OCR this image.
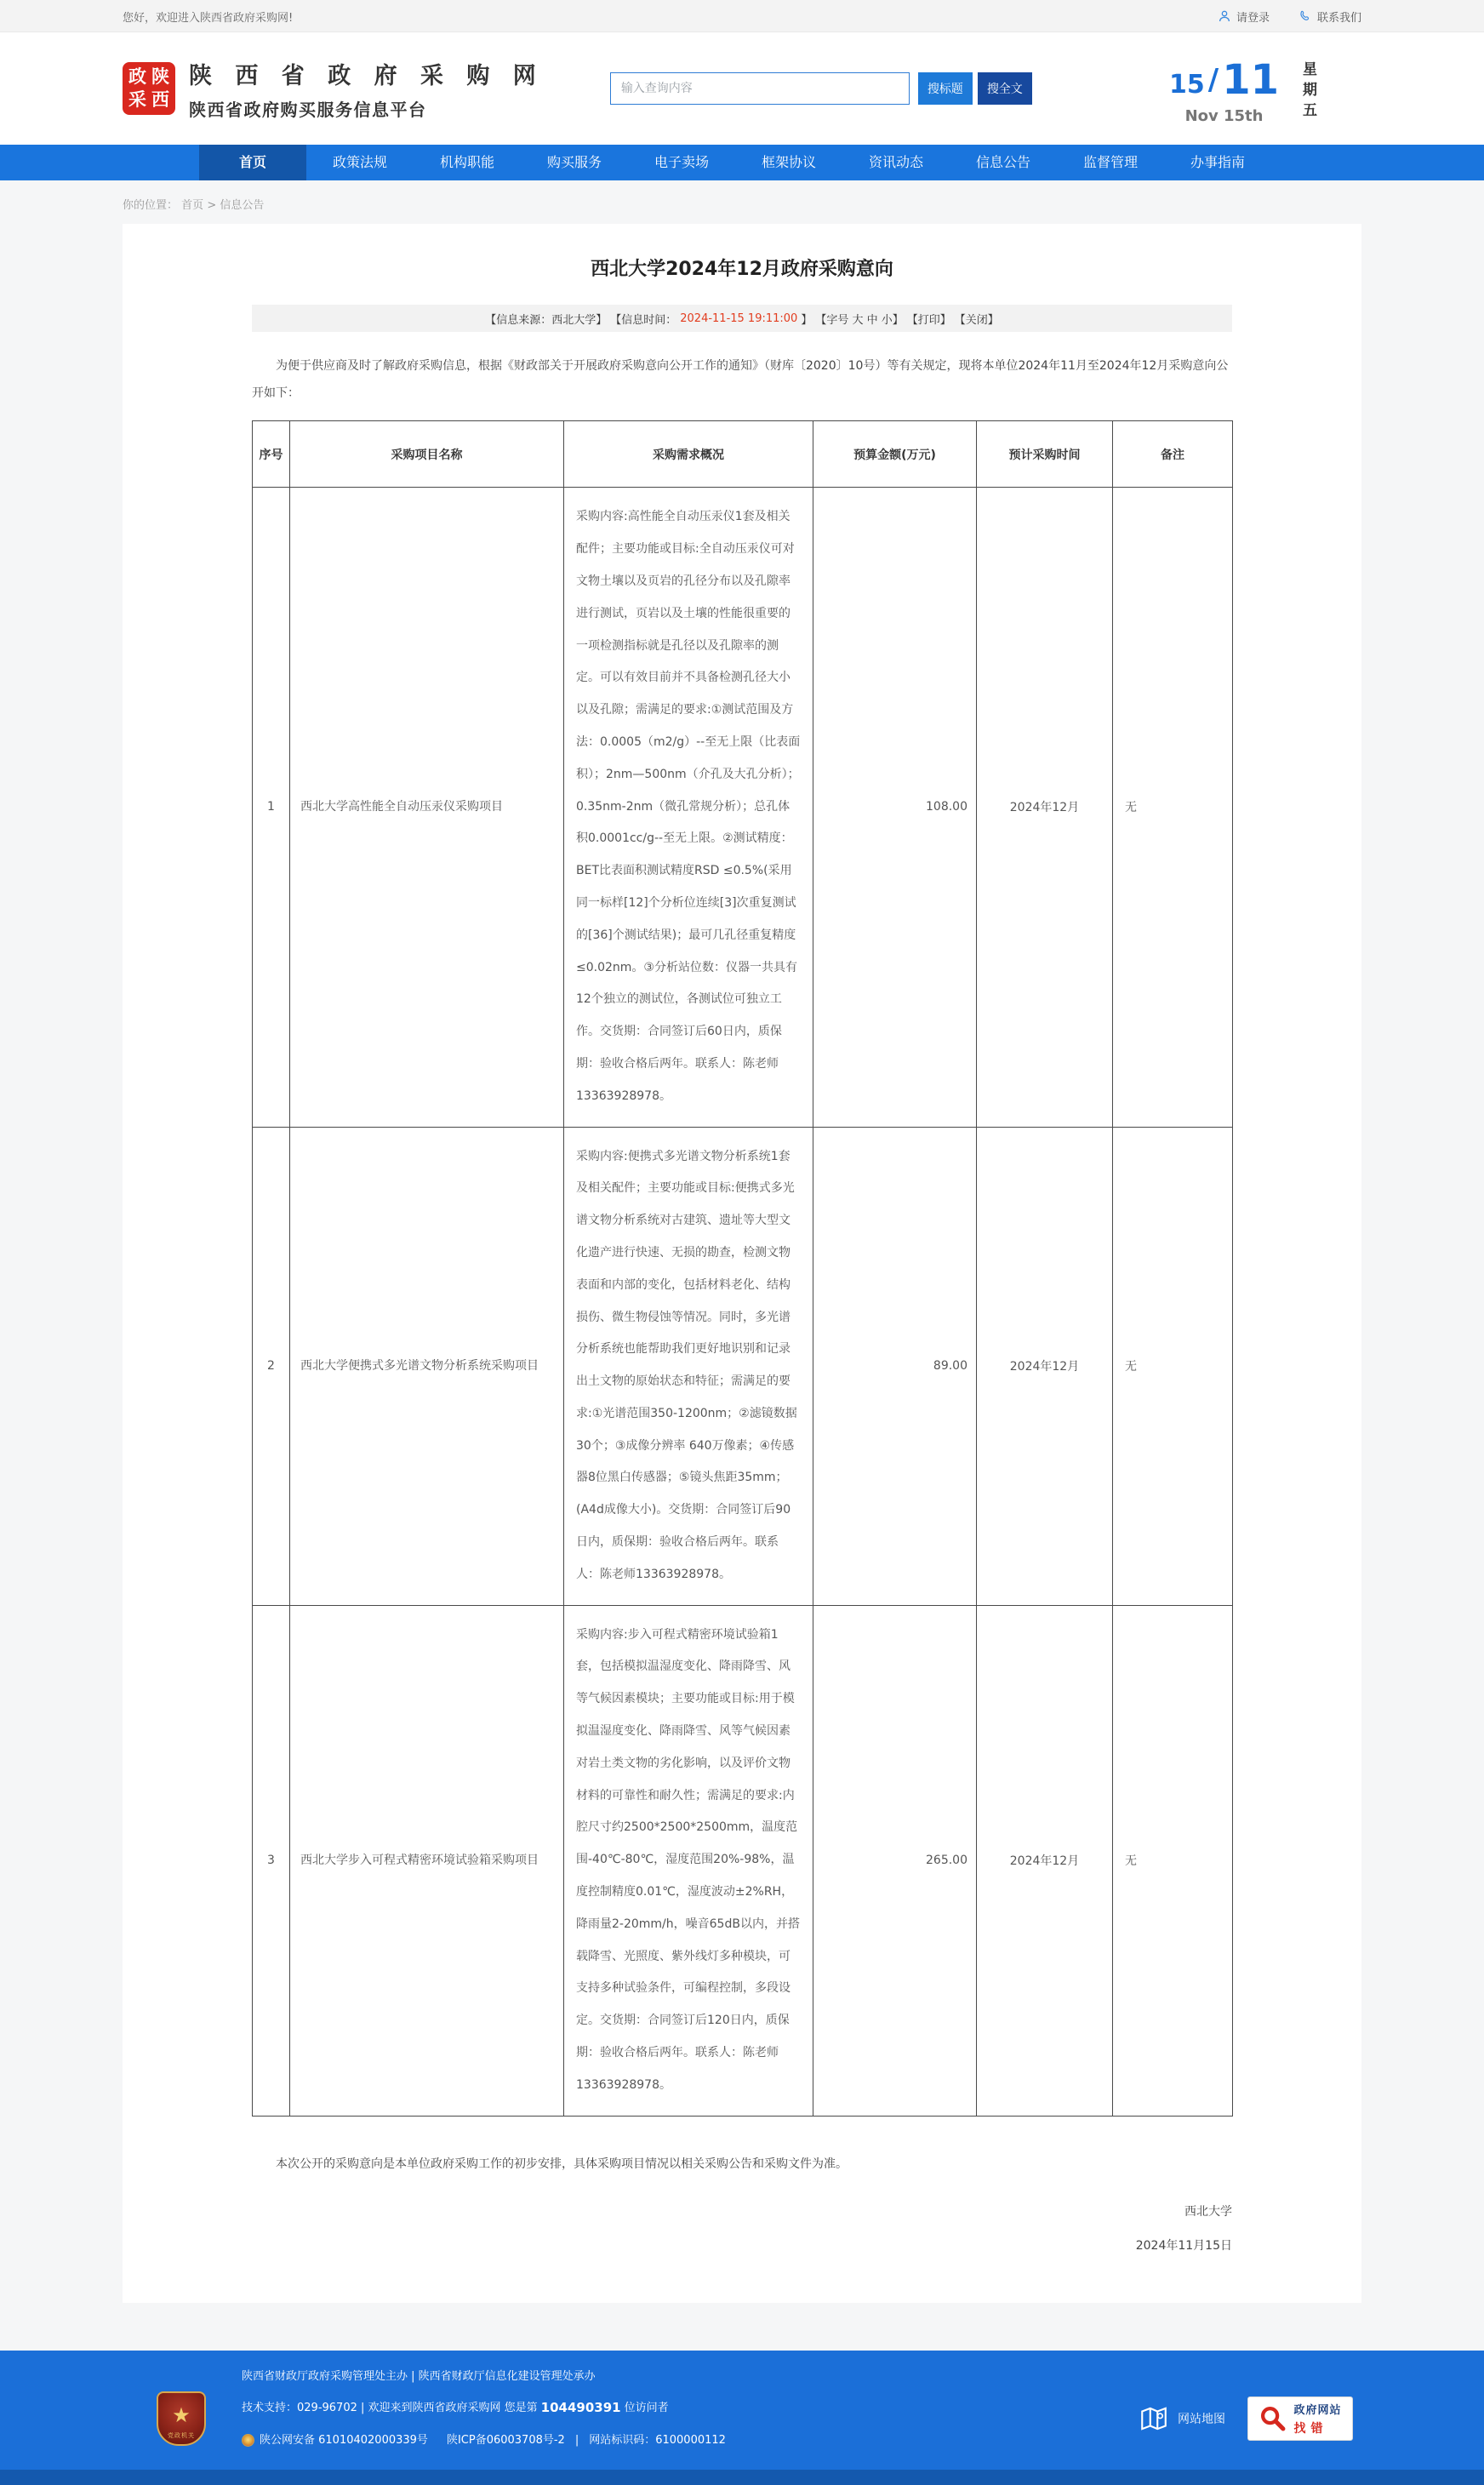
您好，欢迎进入陕西省政府采购网!	请登录	联系我们
政 陕
采 西
陕 西 省 政 府 采 购 网
陕西省政府购买服务信息平台
输入查询内容
搜标题	搜全文	15 / 11
Nov 15th	星期五
首页	政策法规	机构职能	购买服务	电子卖场	框架协议	资讯动态	信息公告	监督管理	办事指南
你的位置： 首页 > 信息公告
西北大学2024年12月政府采购意向
【信息来源：西北大学】 【信息时间： 2024-11-15 19:11:00 】 【字号 大 中 小】 【打印】 【关闭】

为便于供应商及时了解政府采购信息，根据《财政部关于开展政府采购意向公开工作的通知》（财库〔2020〕10号）等有关规定，现将本单位2024年11月至2024年12月采购意向公开如下：

序号	采购项目名称	采购需求概况	预算金额(万元)	预计采购时间	备注
1	西北大学高性能全自动压汞仪采购项目	采购内容:高性能全自动压汞仪1套及相关配件；主要功能或目标:全自动压汞仪可对文物土壤以及页岩的孔径分布以及孔隙率进行测试，页岩以及土壤的性能很重要的一项检测指标就是孔径以及孔隙率的测定。可以有效目前并不具备检测孔径大小以及孔隙；需满足的要求:①测试范围及方法：0.0005（m2/g）--至无上限（比表面积）；2nm—500nm（介孔及大孔分析）；0.35nm-2nm（微孔常规分析）；总孔体积0.0001cc/g--至无上限。②测试精度：BET比表面积测试精度RSD ≤0.5%(采用同一标样[12]个分析位连续[3]次重复测试的[36]个测试结果)；最可几孔径重复精度≤0.02nm。③分析站位数：仪器一共具有12个独立的测试位，各测试位可独立工作。交货期：合同签订后60日内，质保期：验收合格后两年。联系人：陈老师13363928978。	108.00	2024年12月	无
2	西北大学便携式多光谱文物分析系统采购项目	采购内容:便携式多光谱文物分析系统1套及相关配件；主要功能或目标:便携式多光谱文物分析系统对古建筑、遗址等大型文化遗产进行快速、无损的勘查，检测文物表面和内部的变化，包括材料老化、结构损伤、微生物侵蚀等情况。同时，多光谱分析系统也能帮助我们更好地识别和记录出土文物的原始状态和特征；需满足的要求:①光谱范围350-1200nm；②滤镜数据30个；③成像分辨率 640万像素；④传感器8位黑白传感器；⑤镜头焦距35mm；(A4d成像大小)。交货期：合同签订后90日内，质保期：验收合格后两年。联系人：陈老师13363928978。	89.00	2024年12月	无
3	西北大学步入可程式精密环境试验箱采购项目	采购内容:步入可程式精密环境试验箱1套，包括模拟温湿度变化、降雨降雪、风等气候因素模块；主要功能或目标:用于模拟温湿度变化、降雨降雪、风等气候因素对岩土类文物的劣化影响，以及评价文物材料的可靠性和耐久性；需满足的要求:内腔尺寸约2500*2500*2500mm，温度范围-40℃-80℃，湿度范围20%-98%，温度控制精度0.01℃，湿度波动±2%RH，降雨量2-20mm/h，噪音65dB以内，并搭载降雪、光照度、紫外线灯多种模块，可支持多种试验条件，可编程控制，多段设定。交货期：合同签订后120日内，质保期：验收合格后两年。联系人：陈老师13363928978。	265.00	2024年12月	无

本次公开的采购意向是本单位政府采购工作的初步安排，具体采购项目情况以相关采购公告和采购文件为准。

西北大学
2024年11月15日
★
党政机关
陕西省财政厅政府采购管理处主办 | 陕西省财政厅信息化建设管理处承办
技术支持：029-96702 | 欢迎来到陕西省政府采购网 您是第 104490391 位访问者
陕公网安备 61010402000339号 陕ICP备06003708号-2 | 网站标识码：6100000112
网站地图
政府网站
找错
